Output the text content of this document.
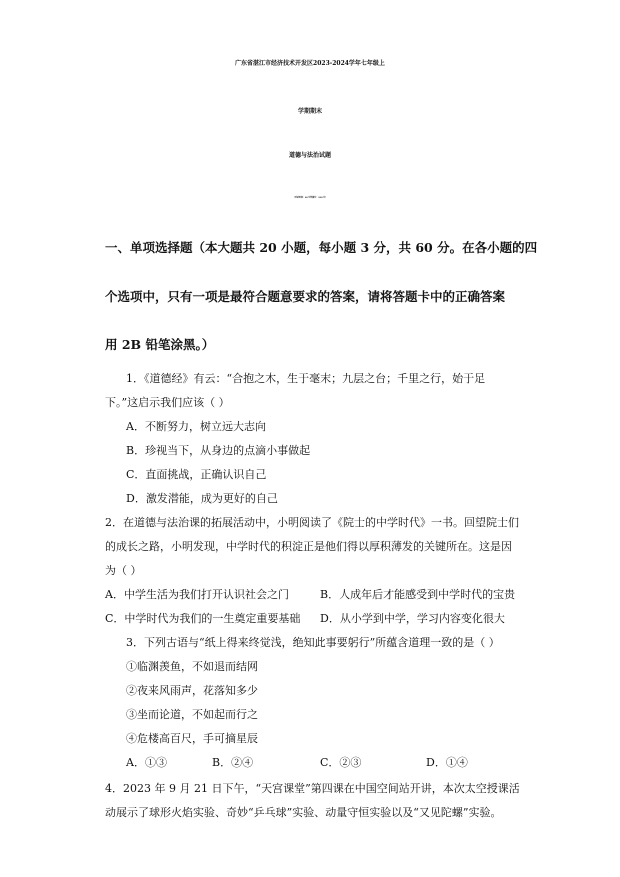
广东省湛江市经济技术开发区2023-2024学年七年级上
学期期末
道德与法治试题
（考试时间：60 分钟满分：100 分）
一、单项选择题（本大题共 20 小题，每小题 3 分，共 60 分。在各小题的四
个选项中，只有一项是最符合题意要求的答案，请将答题卡中的正确答案
用 2B 铅笔涂黑。）
1．《道德经》有云：“合抱之木，生于毫末；九层之台；千里之行，始于足
下。”这启示我们应该（ ）
A．不断努力，树立远大志向
B．珍视当下，从身边的点滴小事做起
C．直面挑战，正确认识自己
D．激发潜能，成为更好的自己
2．在道德与法治课的拓展活动中，小明阅读了《院士的中学时代》一书。回望院士们
的成长之路，小明发现，中学时代的积淀正是他们得以厚积薄发的关键所在。这是因
为（ ）
A．中学生活为我们打开认识社会之门	B．人成年后才能感受到中学时代的宝贵
C．中学时代为我们的一生奠定重要基础 D．从小学到中学，学习内容变化很大
3．下列古语与“纸上得来终觉浅，绝知此事要躬行”所蕴含道理一致的是（ ）
①临渊羡鱼，不如退而结网
②夜来风雨声，花落知多少
③坐而论道，不如起而行之
④危楼高百尺，手可摘星辰
A．①③	B．②④	C．②③	D．①④
4．2023 年 9 月 21 日下午，“天宫课堂”第四课在中国空间站开讲，本次太空授课活
动展示了球形火焰实验、奇妙“乒乓球”实验、动量守恒实验以及“又见陀螺”实验。
